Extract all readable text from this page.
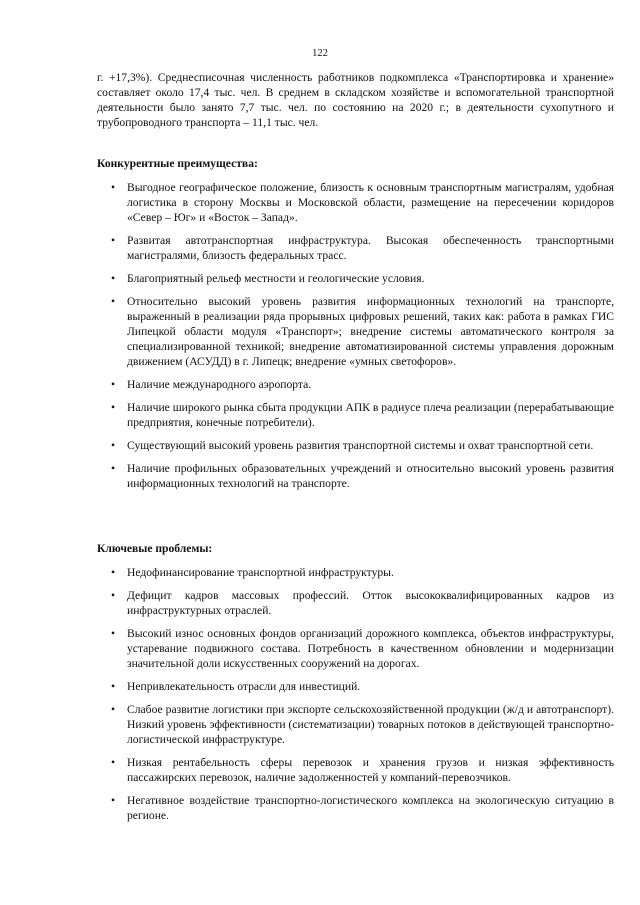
122

г. +17,3%). Среднесписочная численность работников подкомплекса «Транспортировка и хранение» составляет около 17,4 тыс. чел. В среднем в складском хозяйстве и вспомогательной транспортной деятельности было занято 7,7 тыс. чел. по состоянию на 2020 г.; в деятельности сухопутного и трубопроводного транспорта – 11,1 тыс. чел.

Конкурентные преимущества:
• Выгодное географическое положение, близость к основным транспортным магистралям, удобная логистика в сторону Москвы и Московской области, размещение на пересечении коридоров «Север – Юг» и «Восток – Запад».
• Развитая автотранспортная инфраструктура. Высокая обеспеченность транспортными магистралями, близость федеральных трасс.
• Благоприятный рельеф местности и геологические условия.
• Относительно высокий уровень развития информационных технологий на транспорте, выраженный в реализации ряда прорывных цифровых решений, таких как: работа в рамках ГИС Липецкой области модуля «Транспорт»; внедрение системы автоматического контроля за специализированной техникой; внедрение автоматизированной системы управления дорожным движением (АСУДД) в г. Липецк; внедрение «умных светофоров».
• Наличие международного аэропорта.
• Наличие широкого рынка сбыта продукции АПК в радиусе плеча реализации (перерабатывающие предприятия, конечные потребители).
• Существующий высокий уровень развития транспортной системы и охват транспортной сети.
• Наличие профильных образовательных учреждений и относительно высокий уровень развития информационных технологий на транспорте.
Ключевые проблемы:
• Недофинансирование транспортной инфраструктуры.
• Дефицит кадров массовых профессий. Отток высококвалифицированных кадров из инфраструктурных отраслей.
• Высокий износ основных фондов организаций дорожного комплекса, объектов инфраструктуры, устаревание подвижного состава. Потребность в качественном обновлении и модернизации значительной доли искусственных сооружений на дорогах.
• Непривлекательность отрасли для инвестиций.
• Слабое развитие логистики при экспорте сельскохозяйственной продукции (ж/д и автотранспорт). Низкий уровень эффективности (систематизации) товарных потоков в действующей транспортно-логистической инфраструктуре.
• Низкая рентабельность сферы перевозок и хранения грузов и низкая эффективность пассажирских перевозок, наличие задолженностей у компаний-перевозчиков.
• Негативное воздействие транспортно-логистического комплекса на экологическую ситуацию в регионе.
